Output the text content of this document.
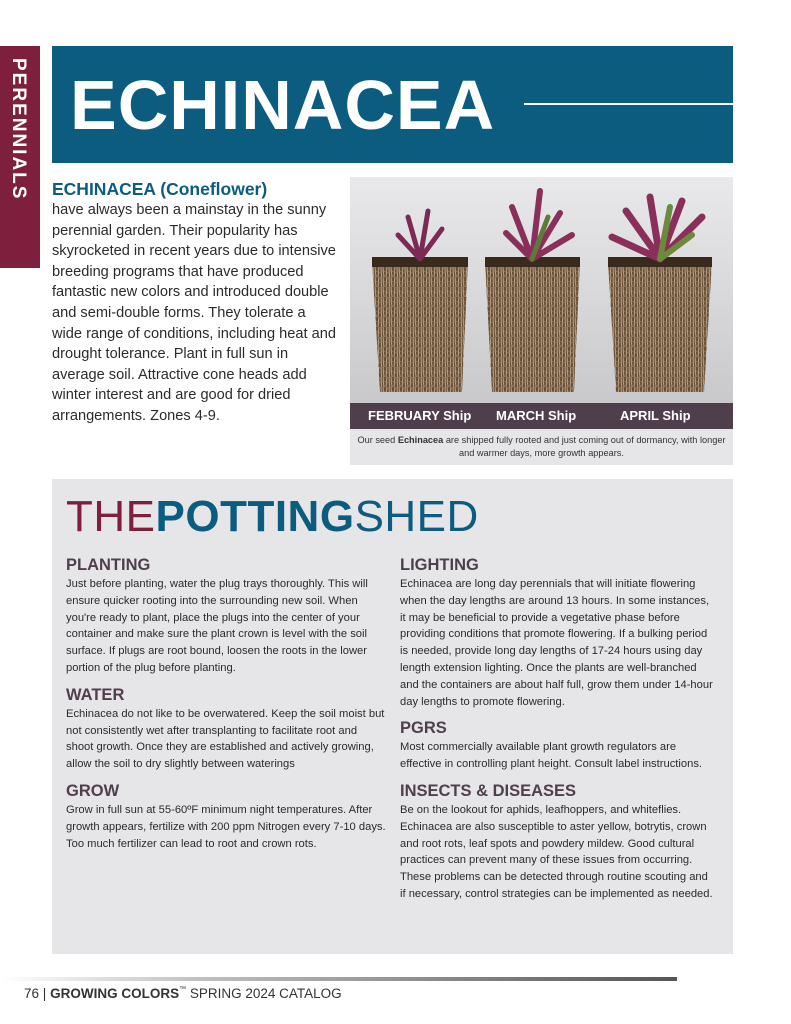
PERENNIALS ECHINACEA
ECHINACEA (Coneflower)
have always been a mainstay in the sunny perennial garden. Their popularity has skyrocketed in recent years due to intensive breeding programs that have produced fantastic new colors and introduced double and semi-double forms. They tolerate a wide range of conditions, including heat and drought tolerance. Plant in full sun in average soil. Attractive cone heads add winter interest and are good for dried arrangements. Zones 4-9.	FEBRUARY Ship MARCH Ship	APRIL Ship
Our seed Echinacea are shipped fully rooted and just coming out of dormancy, with longer and warmer days, more growth appears.
THEPOTTINGSHED
PLANTING
Just before planting, water the plug trays thoroughly. This will ensure quicker rooting into the surrounding new soil. When you're ready to plant, place the plugs into the center of your container and make sure the plant crown is level with the soil surface. If plugs are root bound, loosen the roots in the lower portion of the plug before planting.
WATER
Echinacea do not like to be overwatered. Keep the soil moist but not consistently wet after transplanting to facilitate root and shoot growth. Once they are established and actively growing, allow the soil to dry slightly between waterings
GROW
Grow in full sun at 55-60ºF minimum night temperatures. After growth appears, fertilize with 200 ppm Nitrogen every 7-10 days. Too much fertilizer can lead to root and crown rots.
LIGHTING
Echinacea are long day perennials that will initiate flowering when the day lengths are around 13 hours. In some instances, it may be beneficial to provide a vegetative phase before providing conditions that promote flowering. If a bulking period is needed, provide long day lengths of 17-24 hours using day length extension lighting. Once the plants are well-branched and the containers are about half full, grow them under 14-hour day lengths to promote flowering.
PGRS
Most commercially available plant growth regulators are effective in controlling plant height. Consult label instructions.
INSECTS & DISEASES
Be on the lookout for aphids, leafhoppers, and whiteflies. Echinacea are also susceptible to aster yellow, botrytis, crown and root rots, leaf spots and powdery mildew. Good cultural practices can prevent many of these issues from occurring. These problems can be detected through routine scouting and if necessary, control strategies can be implemented as needed.
76 | GROWING COLORS™ SPRING 2024 CATALOG
